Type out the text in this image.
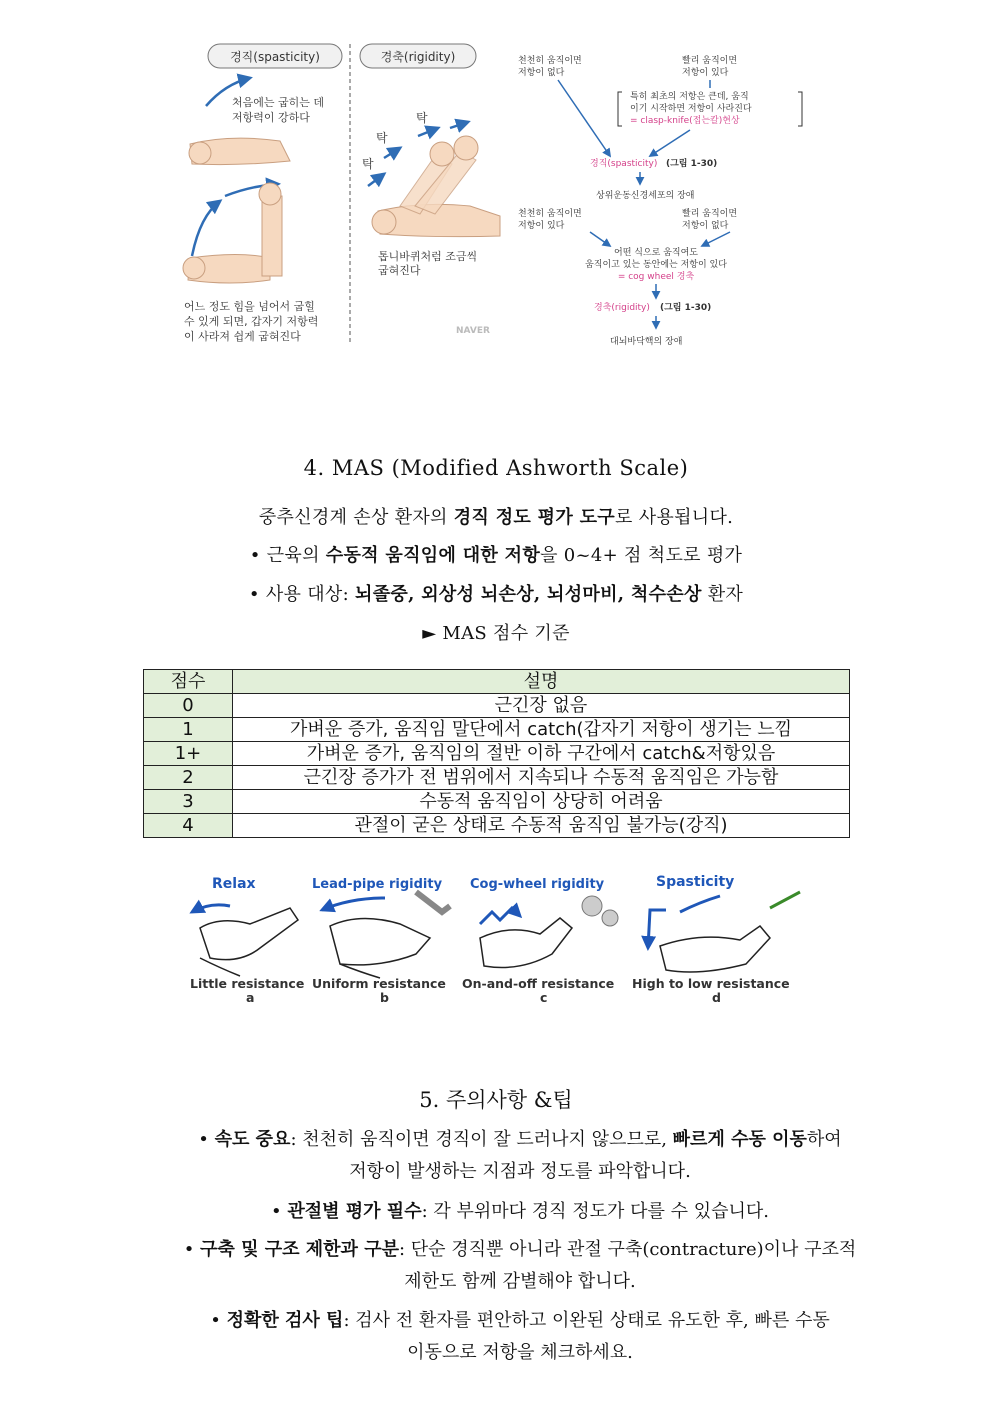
경직(spasticity)	경축(rigidity)
처음에는 굽히는 데
저항력이 강하다
어느 정도 힘을 넘어서 굽힐
수 있게 되면, 갑자기 저항력
이 사라져 쉽게 굽혀진다
탁
탁
탁
톱니바퀴처럼 조금씩
굽혀진다
NAVER
천천히 움직이면
저항이 없다
빨리 움직이면
저항이 있다
특히 최초의 저항은 큰데, 움직
이기 시작하면 저항이 사라진다
= clasp-knife(접는칼)현상
경직(spasticity) (그림 1-30)
상위운동신경세포의 장애
천천히 움직이면
저항이 있다
빨리 움직이면
저항이 없다
어떤 식으로 움직여도
움직이고 있는 동안에는 저항이 있다
= cog wheel 경축
경축(rigidity) (그림 1-30)
대뇌바닥핵의 장애
4. MAS (Modified Ashworth Scale)
중추신경계 손상 환자의 경직 정도 평가 도구로 사용됩니다.
• 근육의 수동적 움직임에 대한 저항을 0~4+ 점 척도로 평가
• 사용 대상: 뇌졸중, 외상성 뇌손상, 뇌성마비, 척수손상 환자
► MAS 점수 기준
점수	설명
0	근긴장 없음
1	가벼운 증가, 움직임 말단에서 catch(갑자기 저항이 생기는 느낌
1+	가벼운 증가, 움직임의 절반 이하 구간에서 catch&저항있음
2	근긴장 증가가 전 범위에서 지속되나 수동적 움직임은 가능함
3	수동적 움직임이 상당히 어려움
4	관절이 굳은 상태로 수동적 움직임 불가능(강직)
Relax	Lead-pipe rigidity Cog-wheel rigidity	Spasticity
Little resistance Uniform resistance On-and-off resistance High to low resistance
a	b	c	d
5. 주의사항 &팁
• 속도 중요: 천천히 움직이면 경직이 잘 드러나지 않으므로, 빠르게 수동 이동하여
저항이 발생하는 지점과 정도를 파악합니다.
• 관절별 평가 필수: 각 부위마다 경직 정도가 다를 수 있습니다.
• 구축 및 구조 제한과 구분: 단순 경직뿐 아니라 관절 구축(contracture)이나 구조적
제한도 함께 감별해야 합니다.
• 정확한 검사 팁: 검사 전 환자를 편안하고 이완된 상태로 유도한 후, 빠른 수동
이동으로 저항을 체크하세요.
